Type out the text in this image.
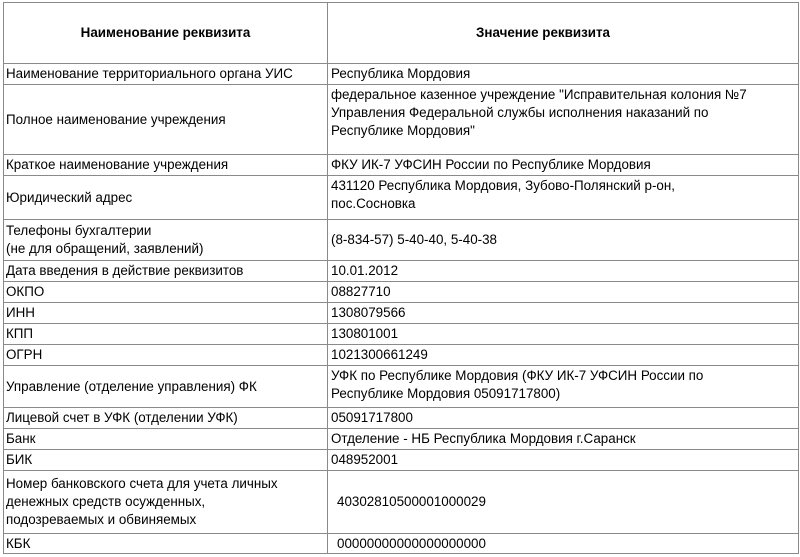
Наименование реквизита	Значение реквизита
Наименование территориального органа УИС	Республика Мордовия
Полное наименование учреждения	федеральное казенное учреждение "Исправительная колония №7
Управления Федеральной службы исполнения наказаний по
Республике Мордовия"

Краткое наименование учреждения	ФКУ ИК-7 УФСИН России по Республике Мордовия
Юридический адрес	431120 Республика Мордовия, Зубово-Полянский р-он,
пос.Сосновка

Телефоны бухгалтерии
(не для обращений, заявлений)	(8-834-57) 5-40-40, 5-40-38
Дата введения в действие реквизитов	10.01.2012
ОКПО	08827710
ИНН	1308079566
КПП	130801001
ОГРН	1021300661249
Управление (отделение управления) ФК	УФК по Республике Мордовия (ФКУ ИК-7 УФСИН России по
Республике Мордовия 05091717800)

Лицевой счет в УФК (отделении УФК)	05091717800
Банк	Отделение - НБ Республика Мордовия г.Саранск
БИК	048952001

Номер банковского счета для учета личных
денежных средств осужденных,
подозреваемых и обвиняемых	40302810500001000029
КБК	00000000000000000000
